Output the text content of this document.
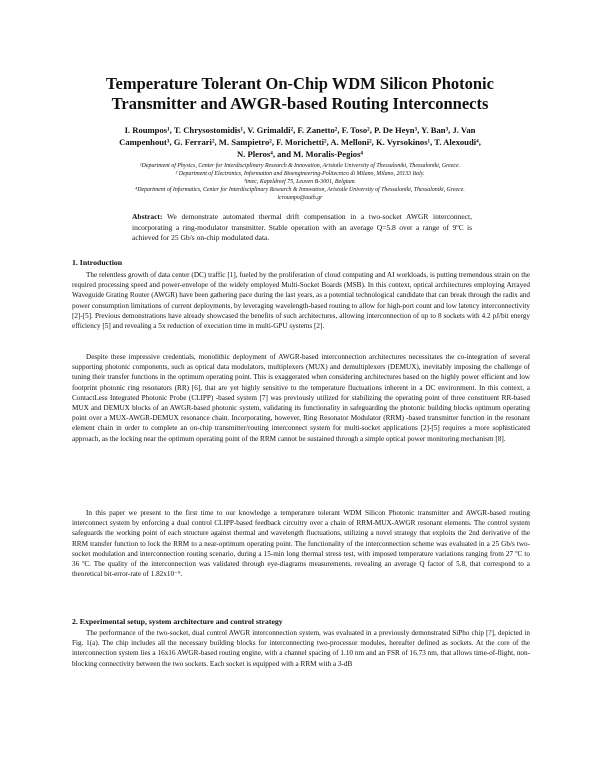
Temperature Tolerant On-Chip WDM Silicon Photonic
Transmitter and AWGR-based Routing Interconnects
I. Roumpos¹, T. Chrysostomidis¹, V. Grimaldi², F. Zanetto², F. Toso², P. De Heyn³, Y. Ban³, J. Van
Campenhout³, G. Ferrari², M. Sampietro², F. Morichetti², A. Melloni², K. Vyrsokinos¹, T. Alexoudi⁴,
N. Pleros⁴, and M. Moralis-Pegios⁴
¹Department of Physics, Center for Interdisciplinary Research & Innovation, Aristotle University of Thessaloniki, Thessaloniki, Greece.
² Department of Electronics, Information and Bioengineering-Politecnico di Milano, Milano, 20133 Italy.
³imec, Kapeldreef 75, Leuven B-3001, Belgium.
⁴Department of Informatics, Center for Interdisciplinary Research & Innovation, Aristotle University of Thessaloniki, Thessaloniki, Greece.
icroumpo@auth.gr
Abstract: We demonstrate automated thermal drift compensation in a two-socket AWGR interconnect, incorporating a ring-modulator transmitter. Stable operation with an average Q=5.8 over a range of 9ºC is achieved for 25 Gb/s on-chip modulated data.
1. Introduction
The relentless growth of data center (DC) traffic [1], fueled by the proliferation of cloud computing and AI workloads, is putting tremendous strain on the required processing speed and power-envelope of the widely employed Multi-Socket Boards (MSB). In this context, optical architectures employing Arrayed Waveguide Grating Router (AWGR) have been gathering pace during the last years, as a potential technological candidate that can break through the radix and power consumption limitations of current deployments, by leveraging wavelength-based routing to allow for high-port count and low latency interconnectivity [2]-[5]. Previous demonstrations have already showcased the benefits of such architectures, allowing interconnection of up to 8 sockets with 4.2 pJ/bit energy efficiency [5] and revealing a 5x reduction of execution time in multi-GPU systems [2].
Despite these impressive credentials, monolithic deployment of AWGR-based interconnection architectures necessitates the co-integration of several supporting photonic components, such as optical data modulators, multiplexers (MUX) and demultiplexers (DEMUX), inevitably imposing the challenge of tuning their transfer functions in the optimum operating point. This is exaggerated when considering architectures based on the highly power efficient and low footprint photonic ring resonators (RR) [6], that are yet highly sensitive to the temperature fluctuations inherent in a DC environment. In this context, a ContactLess Integrated Photonic Probe (CLIPP) -based system [7] was previously utilized for stabilizing the operating point of three constituent RR-based MUX and DEMUX blocks of an AWGR-based photonic system, validating its functionality in safeguarding the photonic building blocks optimum operating point over a MUX-AWGR-DEMUX resonance chain. Incorporating, however, Ring Resonator Modulator (RRM) -based transmitter function in the resonant element chain in order to complete an on-chip transmitter/routing interconnect system for multi-socket applications [2]-[5] requires a more sophisticated approach, as the locking near the optimum operating point of the RRM cannot be sustained through a simple optical power monitoring mechanism [8].
In this paper we present to the first time to our knowledge a temperature tolerant WDM Silicon Photonic transmitter and AWGR-based routing interconnect system by enforcing a dual control CLIPP-based feedback circuitry over a chain of RRM-MUX-AWGR resonant elements. The control system safeguards the working point of each structure against thermal and wavelength fluctuations, utilizing a novel strategy that exploits the 2nd derivative of the RRM transfer function to lock the RRM to a near-optimum operating point. The functionality of the interconnection scheme was evaluated in a 25 Gb/s two-socket modulation and interconnection routing scenario, during a 15-min long thermal stress test, with imposed temperature variations ranging from 27 ºC to 36 ºC. The quality of the interconnection was validated through eye-diagrams measurements, revealing an average Q factor of 5.8, that correspond to a theoretical bit-error-rate of 1.82x10⁻⁹.
2. Experimental setup, system architecture and control strategy
The performance of the two-socket, dual control AWGR interconnection system, was evaluated in a previously demonstrated SiPho chip [?], depicted in Fig. 1(a). The chip includes all the necessary building blocks for interconnecting two-processor modules, hereafter defined as sockets. At the core of the interconnection system lies a 16x16 AWGR-based routing engine, with a channel spacing of 1.10 nm and an FSR of 16.73 nm, that allows time-of-flight, non-blocking connectivity between the two sockets. Each socket is equipped with a RRM with a 3-dB
